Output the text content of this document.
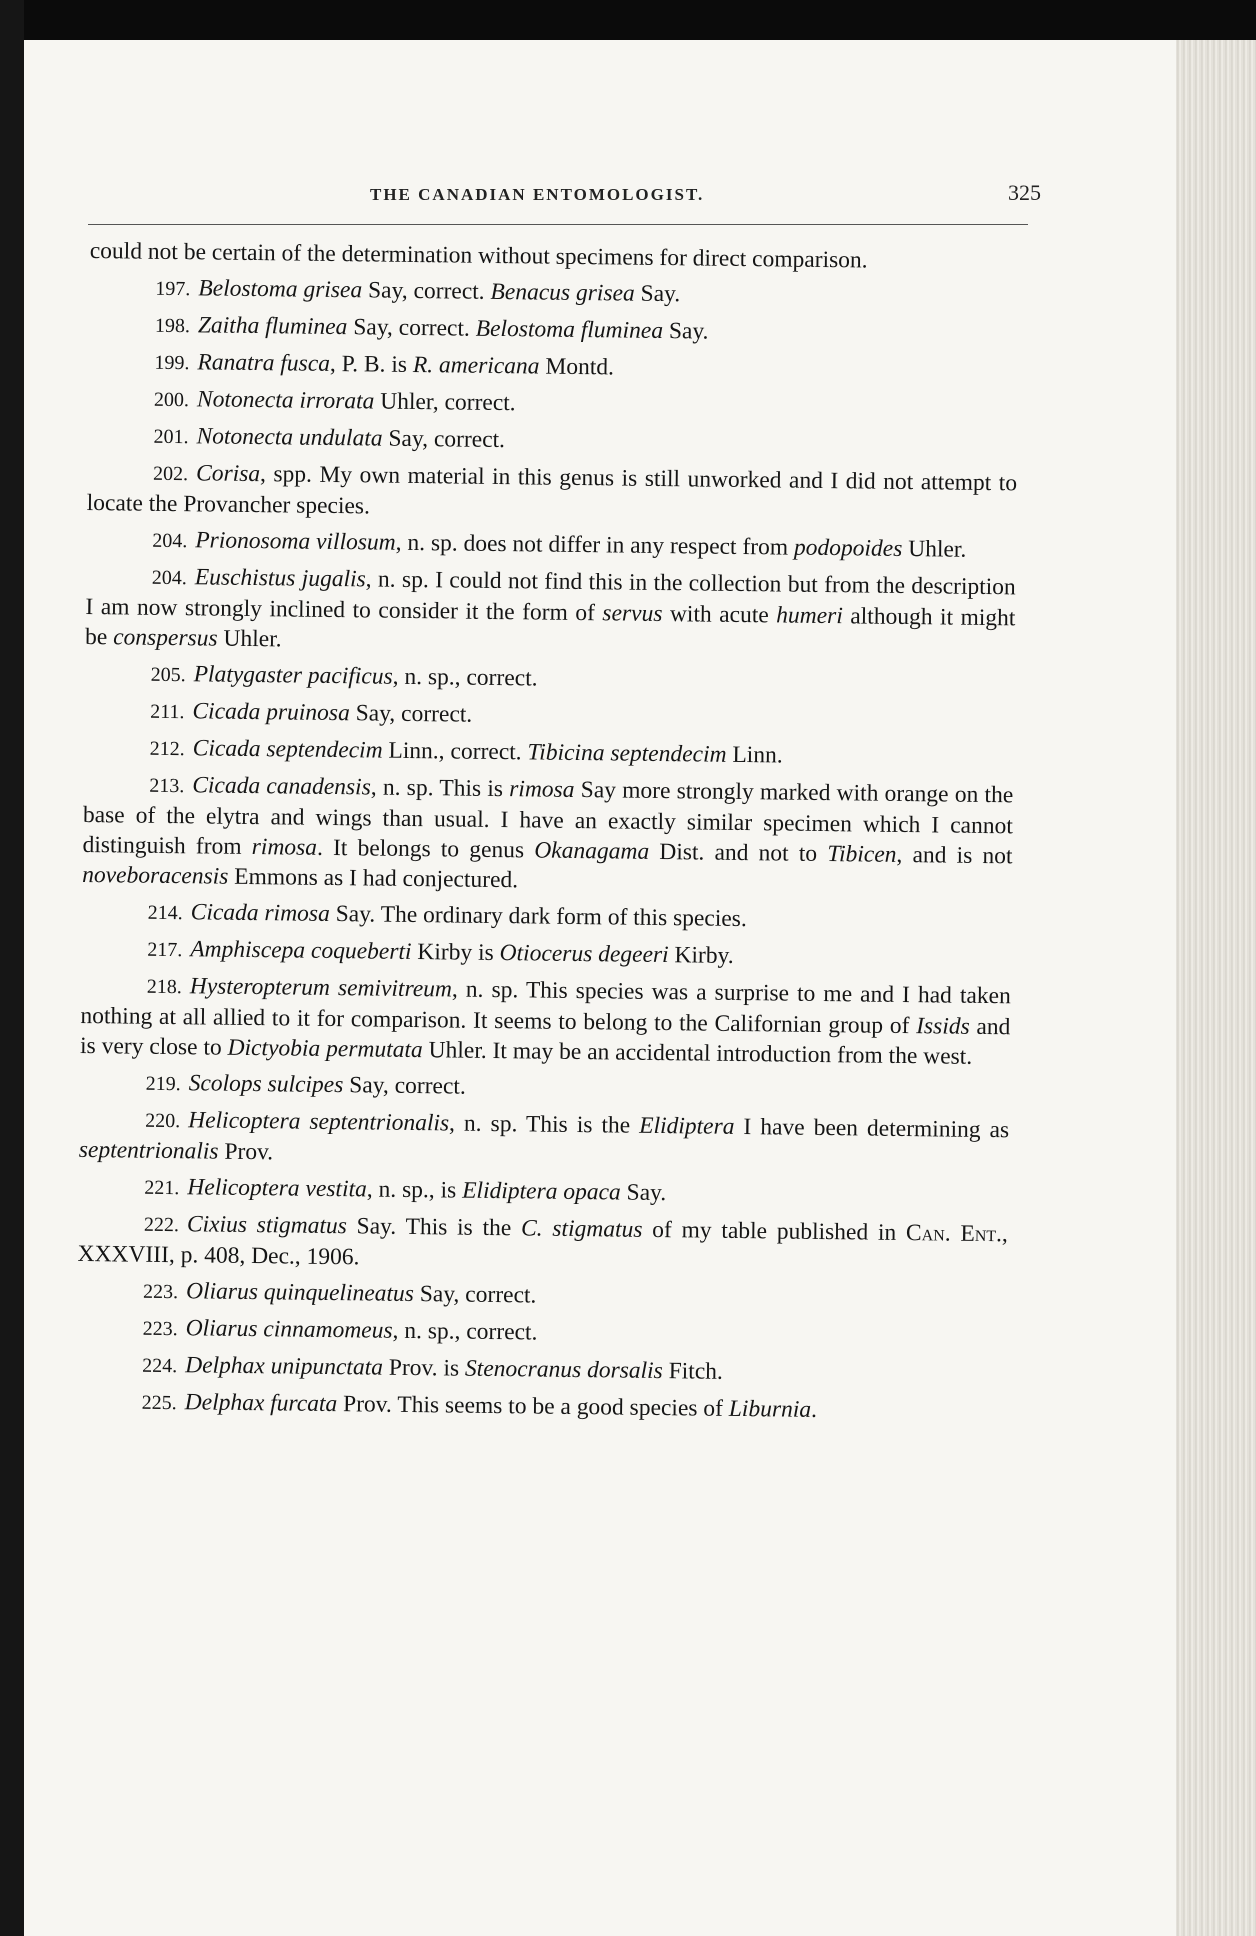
THE CANADIAN ENTOMOLOGIST.	325

could not be certain of the determination without specimens for direct comparison.

197. Belostoma grisea Say, correct. Benacus grisea Say.

198. Zaitha fluminea Say, correct. Belostoma fluminea Say.

199. Ranatra fusca, P. B. is R. americana Montd.

200. Notonecta irrorata Uhler, correct.

201. Notonecta undulata Say, correct.

202. Corisa, spp. My own material in this genus is still unworked and I did not attempt to locate the Provancher species.

204. Prionosoma villosum, n. sp. does not differ in any respect from podopoides Uhler.

204. Euschistus jugalis, n. sp. I could not find this in the collection but from the description I am now strongly inclined to consider it the form of servus with acute humeri although it might be conspersus Uhler.

205. Platygaster pacificus, n. sp., correct.

211. Cicada pruinosa Say, correct.

212. Cicada septendecim Linn., correct. Tibicina septendecim Linn.

213. Cicada canadensis, n. sp. This is rimosa Say more strongly marked with orange on the base of the elytra and wings than usual. I have an exactly similar specimen which I cannot distinguish from rimosa. It belongs to genus Okanagama Dist. and not to Tibicen, and is not noveboracensis Emmons as I had conjectured.

214. Cicada rimosa Say. The ordinary dark form of this species.

217. Amphiscepa coqueberti Kirby is Otiocerus degeeri Kirby.

218. Hysteropterum semivitreum, n. sp. This species was a surprise to me and I had taken nothing at all allied to it for comparison. It seems to belong to the Californian group of Issids and is very close to Dictyobia permutata Uhler. It may be an accidental introduction from the west.

219. Scolops sulcipes Say, correct.

220. Helicoptera septentrionalis, n. sp. This is the Elidiptera I have been determining as septentrionalis Prov.

221. Helicoptera vestita, n. sp., is Elidiptera opaca Say.

222. Cixius stigmatus Say. This is the C. stigmatus of my table published in Can. Ent., XXXVIII, p. 408, Dec., 1906.

223. Oliarus quinquelineatus Say, correct.

223. Oliarus cinnamomeus, n. sp., correct.

224. Delphax unipunctata Prov. is Stenocranus dorsalis Fitch.

225. Delphax furcata Prov. This seems to be a good species of Liburnia.
